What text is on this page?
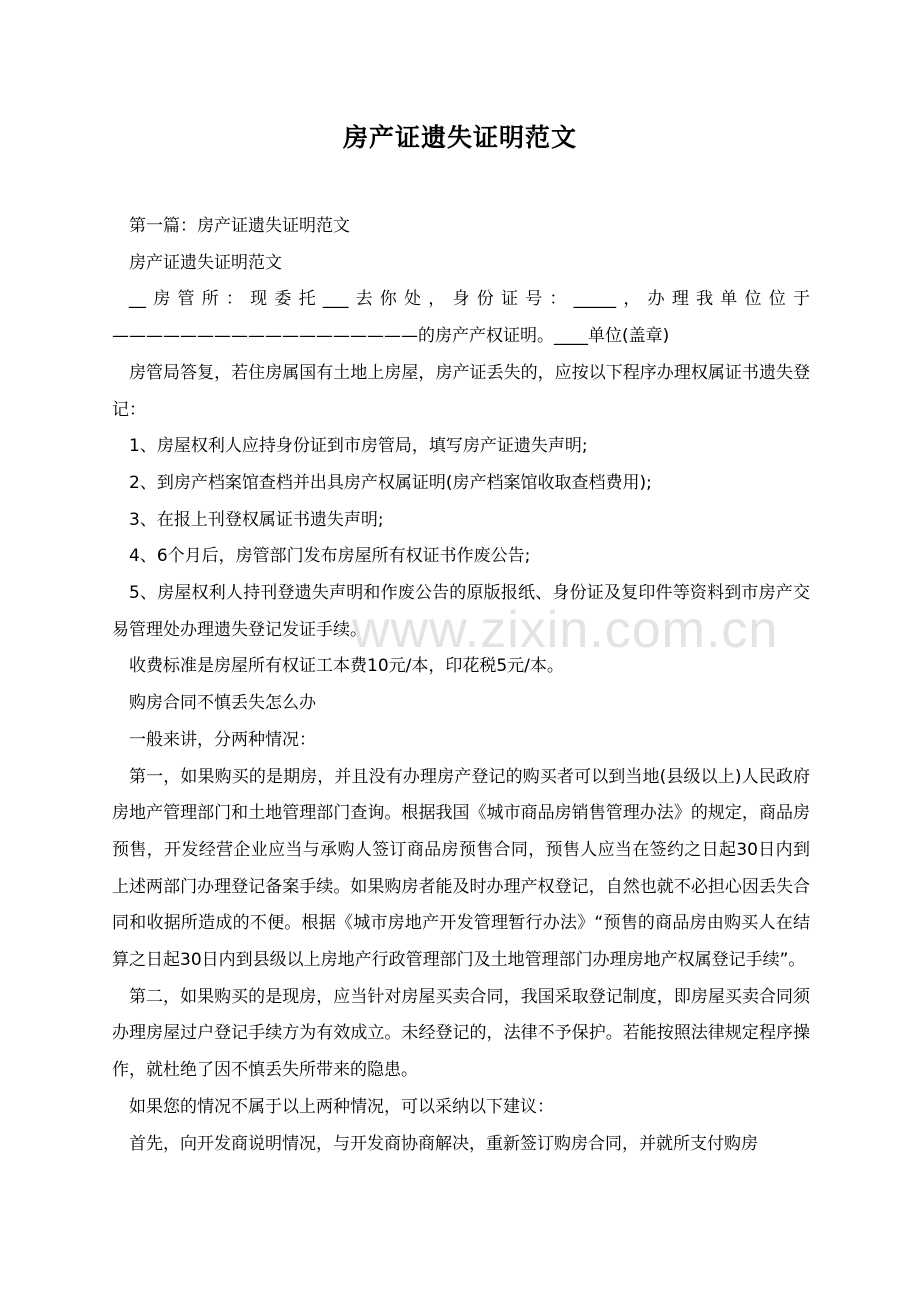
房产证遗失证明范文

第一篇：房产证遗失证明范文

房产证遗失证明范文

__房管所：现委托___去你处，身份证号：_____，办理我单位位于——————————————————的房产产权证明。____单位(盖章)

房管局答复，若住房属国有土地上房屋，房产证丢失的，应按以下程序办理权属证书遗失登记：

1、房屋权利人应持身份证到市房管局，填写房产证遗失声明;

2、到房产档案馆查档并出具房产权属证明(房产档案馆收取查档费用);

3、在报上刊登权属证书遗失声明;

4、6个月后，房管部门发布房屋所有权证书作废公告;

5、房屋权利人持刊登遗失声明和作废公告的原版报纸、身份证及复印件等资料到市房产交易管理处办理遗失登记发证手续。

收费标准是房屋所有权证工本费10元/本，印花税5元/本。

购房合同不慎丢失怎么办

一般来讲，分两种情况：

第一，如果购买的是期房，并且没有办理房产登记的购买者可以到当地(县级以上)人民政府房地产管理部门和土地管理部门查询。根据我国《城市商品房销售管理办法》的规定，商品房预售，开发经营企业应当与承购人签订商品房预售合同，预售人应当在签约之日起30日内到上述两部门办理登记备案手续。如果购房者能及时办理产权登记，自然也就不必担心因丢失合同和收据所造成的不便。根据《城市房地产开发管理暂行办法》“预售的商品房由购买人在结算之日起30日内到县级以上房地产行政管理部门及土地管理部门办理房地产权属登记手续”。

第二，如果购买的是现房，应当针对房屋买卖合同，我国采取登记制度，即房屋买卖合同须办理房屋过户登记手续方为有效成立。未经登记的，法律不予保护。若能按照法律规定程序操作，就杜绝了因不慎丢失所带来的隐患。

如果您的情况不属于以上两种情况，可以采纳以下建议：

首先，向开发商说明情况，与开发商协商解决，重新签订购房合同，并就所支付购房

www.zixin.com.cn
